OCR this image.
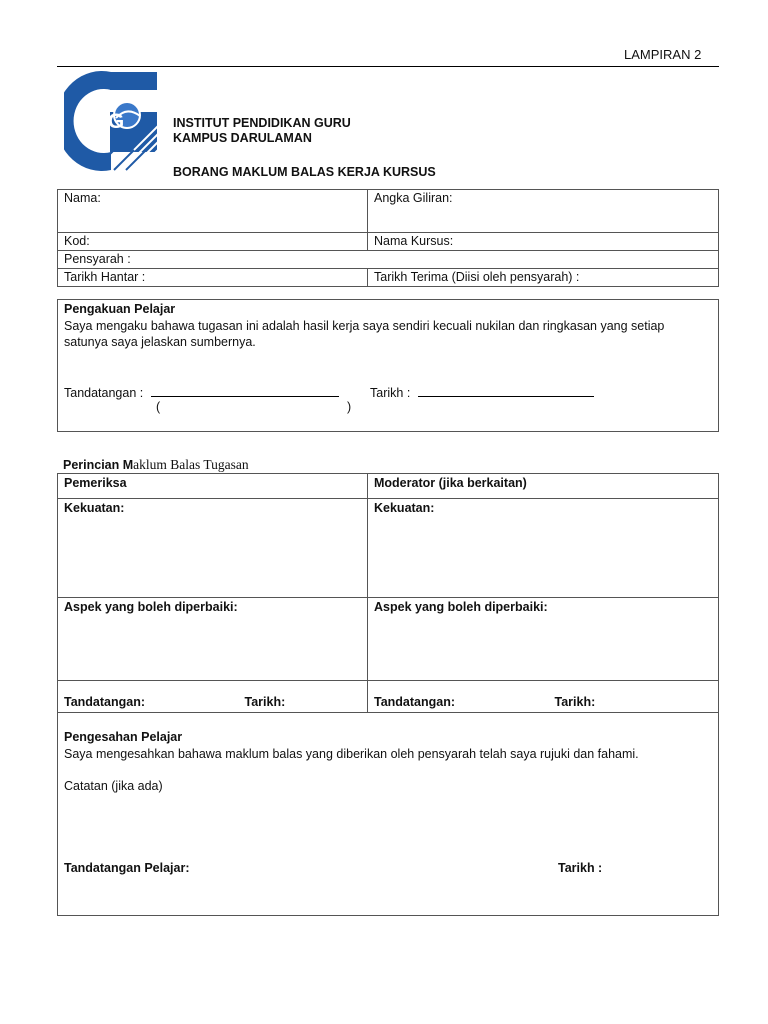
LAMPIRAN 2
iPG	INSTITUT PENDIDIKAN GURU
KAMPUS DARULAMAN
BORANG MAKLUM BALAS KERJA KURSUS
Nama:	Angka Giliran:
Kod:	Nama Kursus:
Pensyarah :	
Tarikh Hantar :	Tarikh Terima (Diisi oleh pensyarah) :
Pengakuan Pelajar
Saya mengaku bahawa tugasan ini adalah hasil kerja saya sendiri kecuali nukilan dan ringkasan yang setiap satunya saya jelaskan sumbernya.
Tandatangan :	Tarikh :
(	)
Perincian Maklum Balas Tugasan
Pemeriksa	Moderator (jika berkaitan)
Kekuatan:	Kekuatan:
Aspek yang boleh diperbaiki:	Aspek yang boleh diperbaiki:
Tandatangan: Tarikh:	Tandatangan: Tarikh:
Pengesahan Pelajar
Saya mengesahkan bahawa maklum balas yang diberikan oleh pensyarah telah saya rujuki dan fahami.
Catatan (jika ada)
Tandatangan Pelajar:	Tarikh :
